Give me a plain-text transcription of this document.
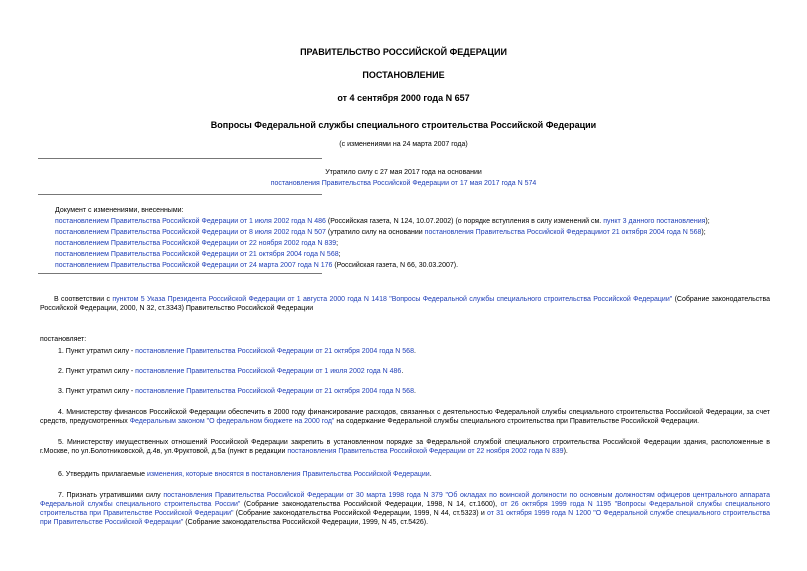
ПРАВИТЕЛЬСТВО РОССИЙСКОЙ ФЕДЕРАЦИИ
ПОСТАНОВЛЕНИЕ
от 4 сентября 2000 года N 657
Вопросы Федеральной службы специального строительства Российской Федерации
(с изменениями на 24 марта 2007 года)
Утратило силу с 27 мая 2017 года на основании
постановления Правительства Российской Федерации от 17 мая 2017 года N 574
Документ с изменениями, внесенными:
постановлением Правительства Российской Федерации от 1 июля 2002 года N 486 (Российская газета, N 124, 10.07.2002) (о порядке вступления в силу изменений см. пункт 3 данного постановления);
постановлением Правительства Российской Федерации от 8 июля 2002 года N 507 (утратило силу на основании постановления Правительства Российской Федерацииот 21 октября 2004 года N 568);
постановлением Правительства Российской Федерации от 22 ноября 2002 года N 839;
постановлением Правительства Российской Федерации от 21 октября 2004 года N 568;
постановлением Правительства Российской Федерации от 24 марта 2007 года N 176 (Российская газета, N 66, 30.03.2007).
В соответствии с пунктом 5 Указа Президента Российской Федерации от 1 августа 2000 года N 1418 "Вопросы Федеральной службы специального строительства Российской Федерации" (Собрание законодательства Российской Федерации, 2000, N 32, ст.3343) Правительство Российской Федерации
постановляет:
1. Пункт утратил силу - постановление Правительства Российской Федерации от 21 октября 2004 года N 568.
2. Пункт утратил силу - постановление Правительства Российской Федерации от 1 июля 2002 года N 486.
3. Пункт утратил силу - постановление Правительства Российской Федерации от 21 октября 2004 года N 568.
4. Министерству финансов Российской Федерации обеспечить в 2000 году финансирование расходов, связанных с деятельностью Федеральной службы специального строительства Российской Федерации, за счет средств, предусмотренных Федеральным законом "О федеральном бюджете на 2000 год" на содержание Федеральной службы специального строительства при Правительстве Российской Федерации.
5. Министерству имущественных отношений Российской Федерации закрепить в установленном порядке за Федеральной службой специального строительства Российской Федерации здания, расположенные в г.Москве, по ул.Болотниковской, д.4в, ул.Фруктовой, д.5а (пункт в редакции постановления Правительства Российской Федерации от 22 ноября 2002 года N 839).
6. Утвердить прилагаемые изменения, которые вносятся в постановления Правительства Российской Федерации.
7. Признать утратившими силу постановления Правительства Российской Федерации от 30 марта 1998 года N 379 "Об окладах по воинской должности по основным должностям офицеров центрального аппарата Федеральной службы специального строительства России" (Собрание законодательства Российской Федерации, 1998, N 14, ст.1600), от 26 октября 1999 года N 1195 "Вопросы Федеральной службы специального строительства при Правительстве Российской Федерации" (Собрание законодательства Российской Федерации, 1999, N 44, ст.5323) и от 31 октября 1999 года N 1200 "О Федеральной службе специального строительства при Правительстве Российской Федерации" (Собрание законодательства Российской Федерации, 1999, N 45, ст.5426).
